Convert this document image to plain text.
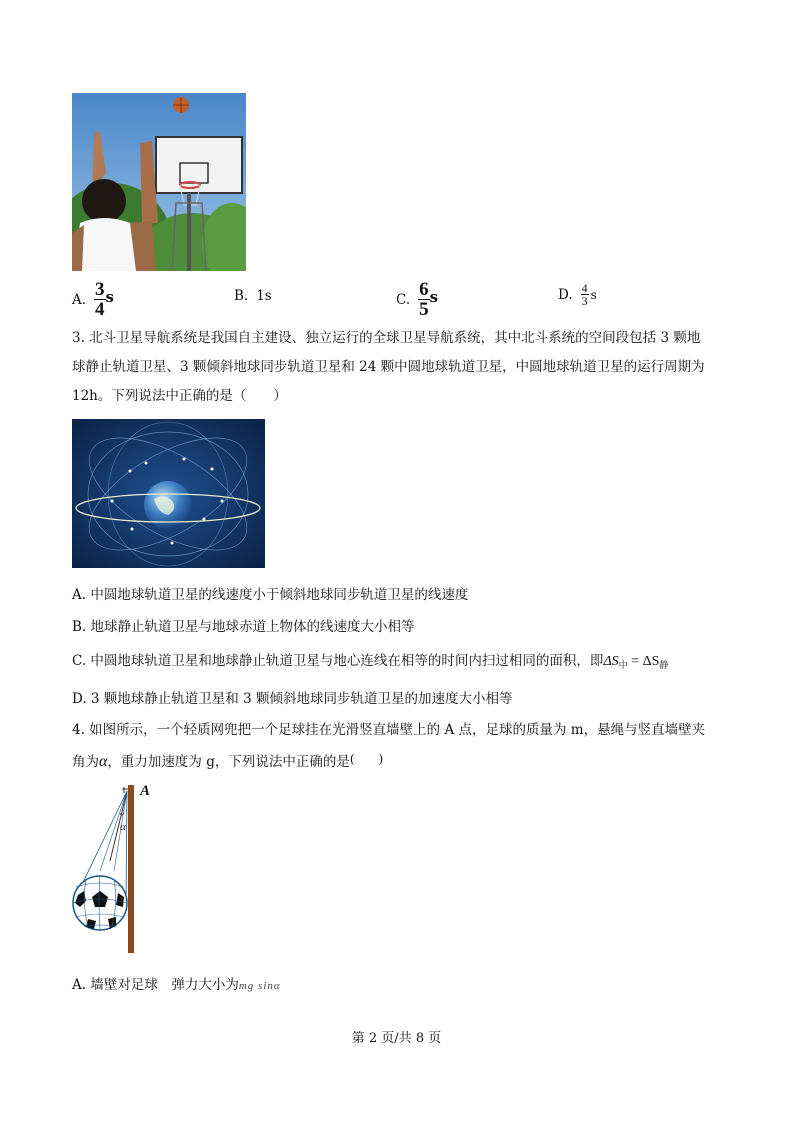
A. $\frac{3}{4}$ s	B. 1s	C. $\frac{6}{5}$ s	D. $\frac{4}{3}$ s
3. 北斗卫星导航系统是我国自主建设、独立运行的全球卫星导航系统，其中北斗系统的空间段包括 3 颗地
球静止轨道卫星、3 颗倾斜地球同步轨道卫星和 24 颗中圆地球轨道卫星，中圆地球轨道卫星的运行周期为
12h。下列说法中正确的是（　　）
A. 中圆地球轨道卫星的线速度小于倾斜地球同步轨道卫星的线速度
B. 地球静止轨道卫星与地球赤道上物体的线速度大小相等
C. 中圆地球轨道卫星和地球静止轨道卫星与地心连线在相等的时间内扫过相同的面积，即$\Delta S_中 = \Delta S_静$
D. 3 颗地球静止轨道卫星和 3 颗倾斜地球同步轨道卫星的加速度大小相等
4. 如图所示，一个轻质网兜把一个足球挂在光滑竖直墙壁上的 A 点，足球的质量为 m，悬绳与竖直墙壁夹
角为α，重力加速度为 g，下列说法中正确的是(　　)
A
α
A. 墙壁对足球　弹力大小为mg sinα
第 2 页/共 8 页
